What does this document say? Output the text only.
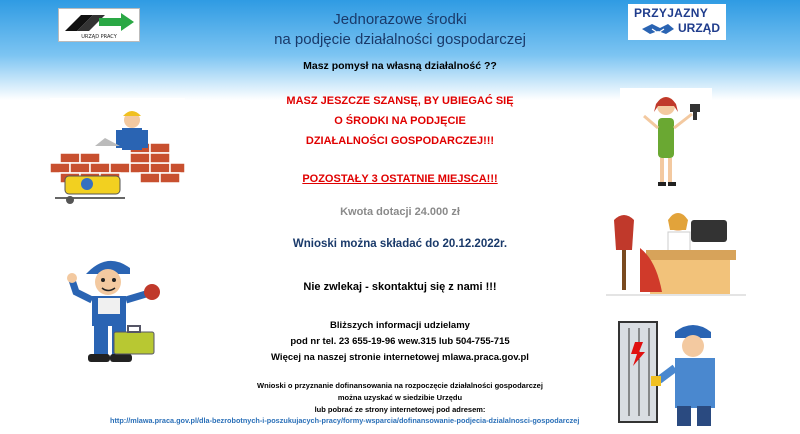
URZĄD PRACY
PRZYJAZNY
URZĄD
Jednorazowe środki
na podjęcie działalności gospodarczej
Masz pomysł na własną działalność ??
MASZ JESZCZE SZANSĘ, BY UBIEGAĆ SIĘ
O ŚRODKI NA PODJĘCIE
DZIAŁALNOŚCI GOSPODARCZEJ!!!
POZOSTAŁY 3 OSTATNIE MIEJSCA!!!
Kwota dotacji 24.000 zł
Wnioski można składać do 20.12.2022r.
Nie zwlekaj - skontaktuj się z nami !!!
Bliższych informacji udzielamy
pod nr tel. 23 655-19-96 wew.315 lub 504-755-715
Więcej na naszej stronie internetowej mlawa.praca.gov.pl
Wnioski o przyznanie dofinansowania na rozpoczęcie działalności gospodarczej
można uzyskać w siedzibie Urzędu
lub pobrać ze strony internetowej pod adresem:
http://mlawa.praca.gov.pl/dla-bezrobotnych-i-poszukujacych-pracy/formy-wsparcia/dofinansowanie-podjecia-dzialalnosci-gospodarczej
